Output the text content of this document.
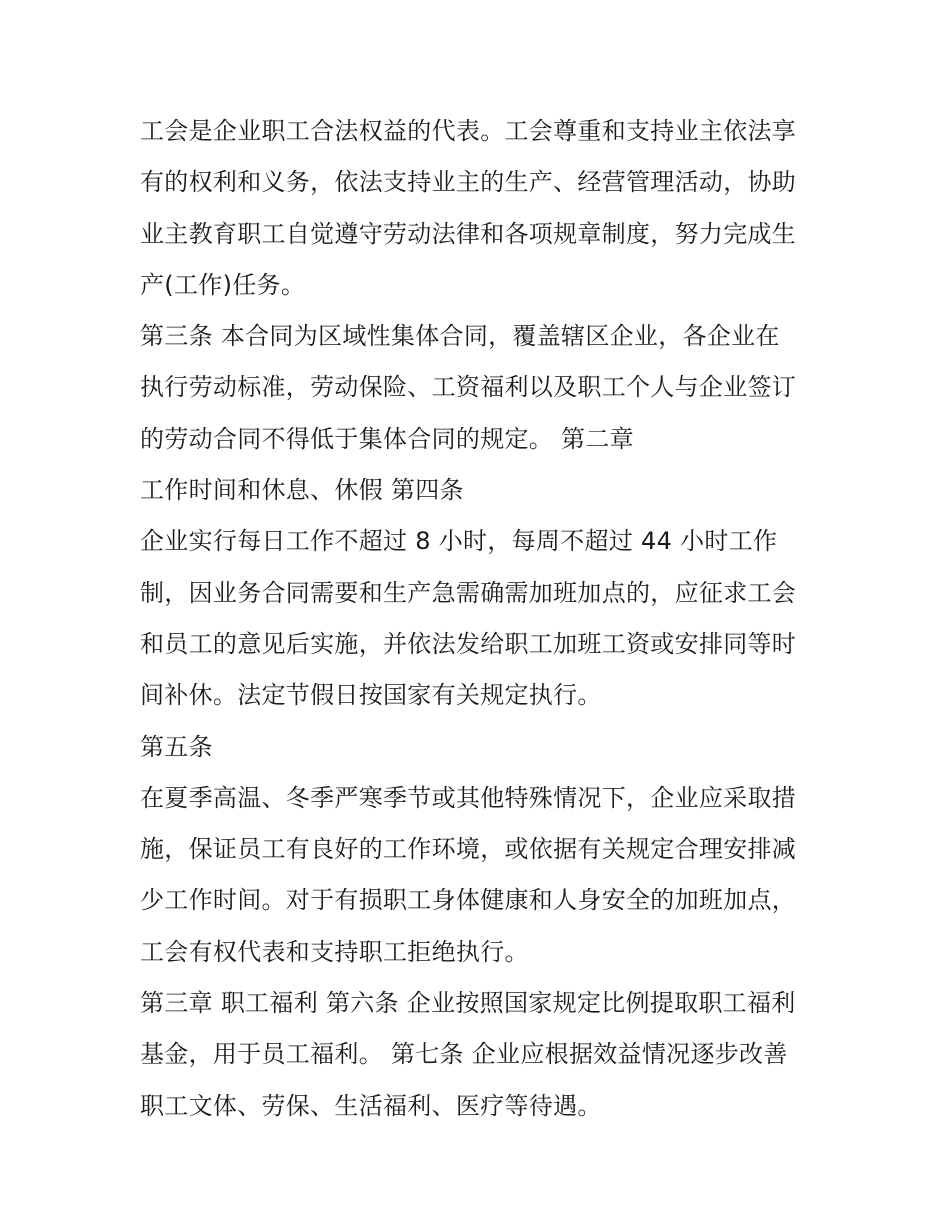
工会是企业职工合法权益的代表。工会尊重和支持业主依法享
有的权利和义务，依法支持业主的生产、经营管理活动，协助
业主教育职工自觉遵守劳动法律和各项规章制度，努力完成生
产(工作)任务。
第三条 本合同为区域性集体合同，覆盖辖区企业，各企业在
执行劳动标准，劳动保险、工资福利以及职工个人与企业签订
的劳动合同不得低于集体合同的规定。 第二章
工作时间和休息、休假 第四条
企业实行每日工作不超过 8 小时，每周不超过 44 小时工作
制，因业务合同需要和生产急需确需加班加点的，应征求工会
和员工的意见后实施，并依法发给职工加班工资或安排同等时
间补休。法定节假日按国家有关规定执行。
第五条
在夏季高温、冬季严寒季节或其他特殊情况下，企业应采取措
施，保证员工有良好的工作环境，或依据有关规定合理安排减
少工作时间。对于有损职工身体健康和人身安全的加班加点，
工会有权代表和支持职工拒绝执行。
第三章 职工福利 第六条 企业按照国家规定比例提取职工福利
基金，用于员工福利。 第七条 企业应根据效益情况逐步改善
职工文体、劳保、生活福利、医疗等待遇。
